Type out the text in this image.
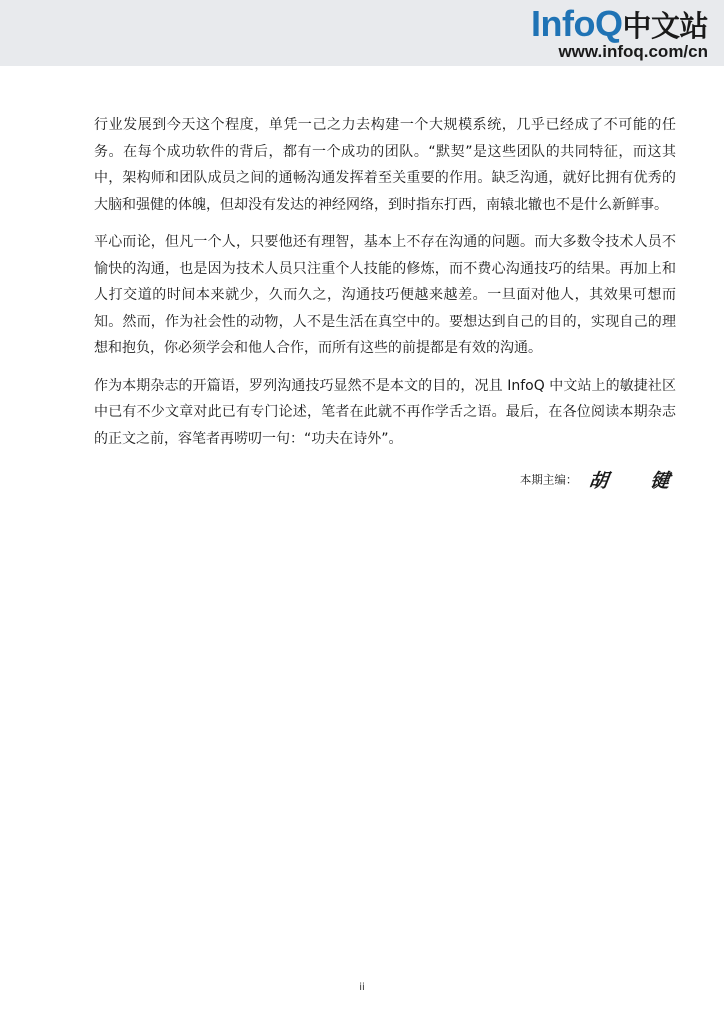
InfoQ中文站
www.infoq.com/cn

行业发展到今天这个程度，单凭一己之力去构建一个大规模系统，几乎已经成了不可能的任务。在每个成功软件的背后，都有一个成功的团队。“默契”是这些团队的共同特征，而这其中，架构师和团队成员之间的通畅沟通发挥着至关重要的作用。缺乏沟通，就好比拥有优秀的大脑和强健的体魄，但却没有发达的神经网络，到时指东打西，南辕北辙也不是什么新鲜事。

平心而论，但凡一个人，只要他还有理智，基本上不存在沟通的问题。而大多数令技术人员不愉快的沟通，也是因为技术人员只注重个人技能的修炼，而不费心沟通技巧的结果。再加上和人打交道的时间本来就少，久而久之，沟通技巧便越来越差。一旦面对他人，其效果可想而知。然而，作为社会性的动物，人不是生活在真空中的。要想达到自己的目的，实现自己的理想和抱负，你必须学会和他人合作，而所有这些的前提都是有效的沟通。

作为本期杂志的开篇语，罗列沟通技巧显然不是本文的目的，况且 InfoQ 中文站上的敏捷社区中已有不少文章对此已有专门论述，笔者在此就不再作学舌之语。最后，在各位阅读本期杂志的正文之前，容笔者再唠叨一句：“功夫在诗外”。

本期主编： 胡 键
ii
